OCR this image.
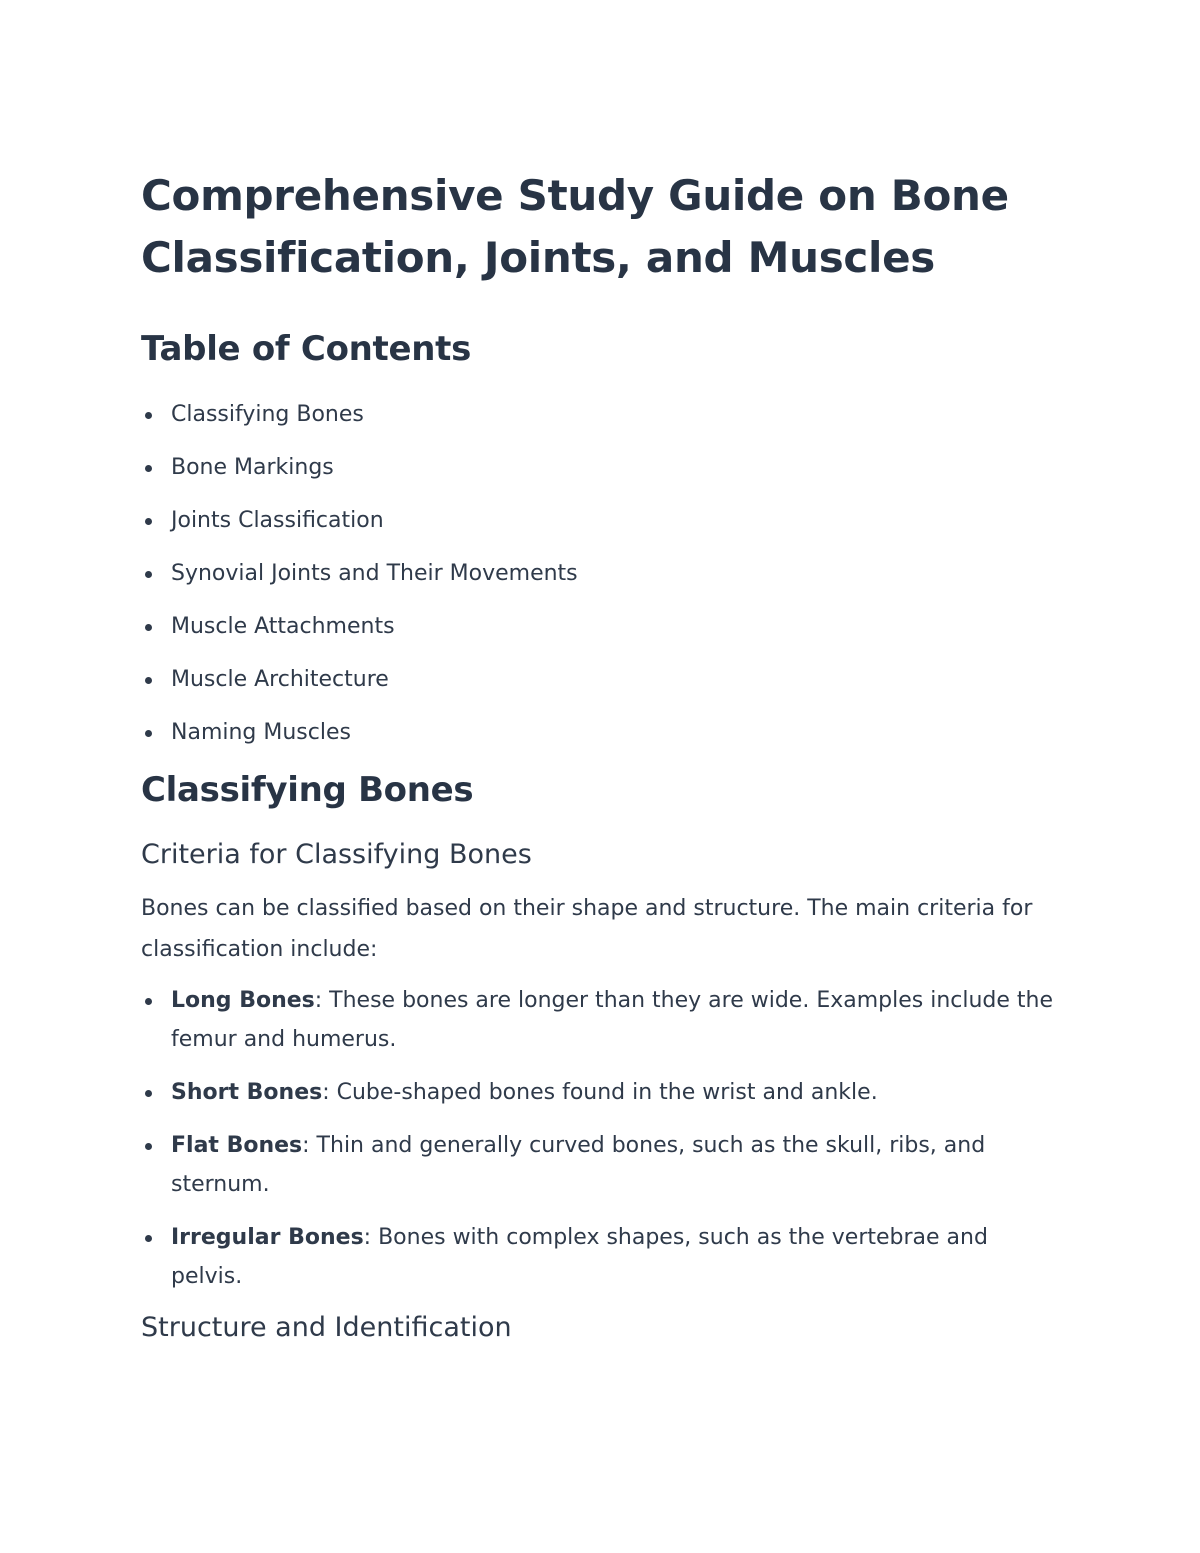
Comprehensive Study Guide on Bone Classification, Joints, and Muscles
Table of Contents
Classifying Bones
Bone Markings
Joints Classification
Synovial Joints and Their Movements
Muscle Attachments
Muscle Architecture
Naming Muscles
Classifying Bones
Criteria for Classifying Bones

Bones can be classified based on their shape and structure. The main criteria for classification include:

Long Bones: These bones are longer than they are wide. Examples include the femur and humerus.
Short Bones: Cube-shaped bones found in the wrist and ankle.
Flat Bones: Thin and generally curved bones, such as the skull, ribs, and sternum.
Irregular Bones: Bones with complex shapes, such as the vertebrae and pelvis.
Structure and Identification
